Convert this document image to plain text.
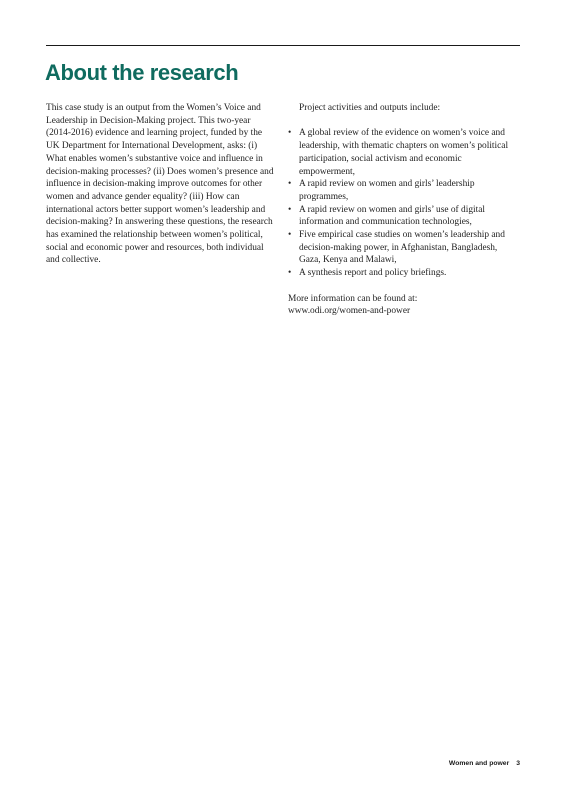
About the research

This case study is an output from the Women’s Voice and Leadership in Decision-Making project. This two-year (2014-2016) evidence and learning project, funded by the UK Department for International Development, asks: (i) What enables women’s substantive voice and influence in decision-making processes? (ii) Does women’s presence and influence in decision-making improve outcomes for other women and advance gender equality? (iii) How can international actors better support women’s leadership and decision-making? In answering these questions, the research has examined the relationship between women’s political, social and economic power and resources, both individual and collective.

Project activities and outputs include:

• A global review of the evidence on women’s voice and leadership, with thematic chapters on women’s political participation, social activism and economic empowerment,
• A rapid review on women and girls’ leadership programmes,
• A rapid review on women and girls’ use of digital information and communication technologies,
• Five empirical case studies on women’s leadership and decision-making power, in Afghanistan, Bangladesh, Gaza, Kenya and Malawi,
• A synthesis report and policy briefings.

More information can be found at:

www.odi.org/women-and-power

Women and power 3
